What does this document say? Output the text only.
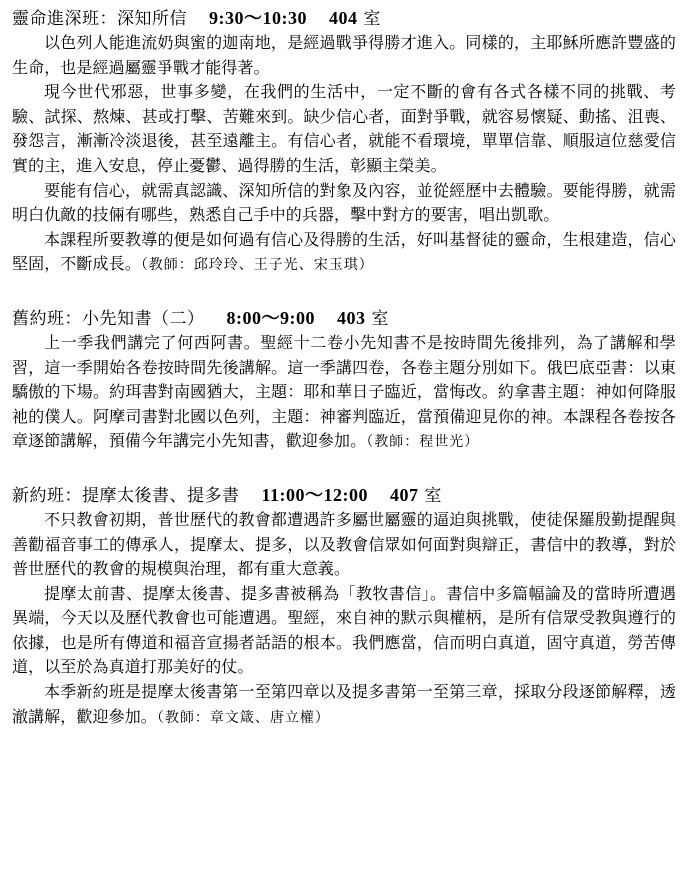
靈命進深班：深知所信 9:30～10:30 404 室

以色列人能進流奶與蜜的迦南地，是經過戰爭得勝才進入。同樣的，主耶穌所應許豐盛的生命，也是經過屬靈爭戰才能得著。

現今世代邪惡，世事多變，在我們的生活中，一定不斷的會有各式各樣不同的挑戰、考驗、試探、熬煉、甚或打擊、苦難來到。缺少信心者，面對爭戰，就容易懷疑、動搖、沮喪、發怨言，漸漸冷淡退後，甚至遠離主。有信心者，就能不看環境，單單信靠、順服這位慈愛信實的主，進入安息，停止憂鬱、過得勝的生活，彰顯主榮美。

要能有信心，就需真認識、深知所信的對象及內容，並從經歷中去體驗。要能得勝，就需明白仇敵的技倆有哪些，熟悉自己手中的兵器，擊中對方的要害，唱出凱歌。

本課程所要教導的便是如何過有信心及得勝的生活，好叫基督徒的靈命，生根建造，信心堅固，不斷成長。（教師：邱玲玲、王子光、宋玉琪）

舊約班：小先知書（二） 8:00～9:00 403 室

上一季我們講完了何西阿書。聖經十二卷小先知書不是按時間先後排列，為了講解和學習，這一季開始各卷按時間先後講解。這一季講四卷，各卷主題分別如下。俄巴底亞書：以東驕傲的下場。約珥書對南國猶大，主題：耶和華日子臨近，當悔改。約拿書主題：神如何降服祂的僕人。阿摩司書對北國以色列，主題：神審判臨近，當預備迎見你的神。本課程各卷按各章逐節講解，預備今年講完小先知書，歡迎參加。（教師：程世光）

新約班：提摩太後書、提多書 11:00～12:00 407 室

不只教會初期，普世歷代的教會都遭遇許多屬世屬靈的逼迫與挑戰，使徒保羅殷勤提醒與善勸福音事工的傳承人，提摩太、提多，以及教會信眾如何面對與辯正，書信中的教導，對於普世歷代的教會的規模與治理，都有重大意義。

提摩太前書、提摩太後書、提多書被稱為「教牧書信」。書信中多篇幅論及的當時所遭遇異端，今天以及歷代教會也可能遭遇。聖經，來自神的默示與權柄，是所有信眾受教與遵行的依據，也是所有傳道和福音宣揚者話語的根本。我們應當，信而明白真道，固守真道，勞苦傳道，以至於為真道打那美好的仗。

本季新約班是提摩太後書第一至第四章以及提多書第一至第三章，採取分段逐節解釋，透澈講解，歡迎參加。（教師：章文箴、唐立權）
